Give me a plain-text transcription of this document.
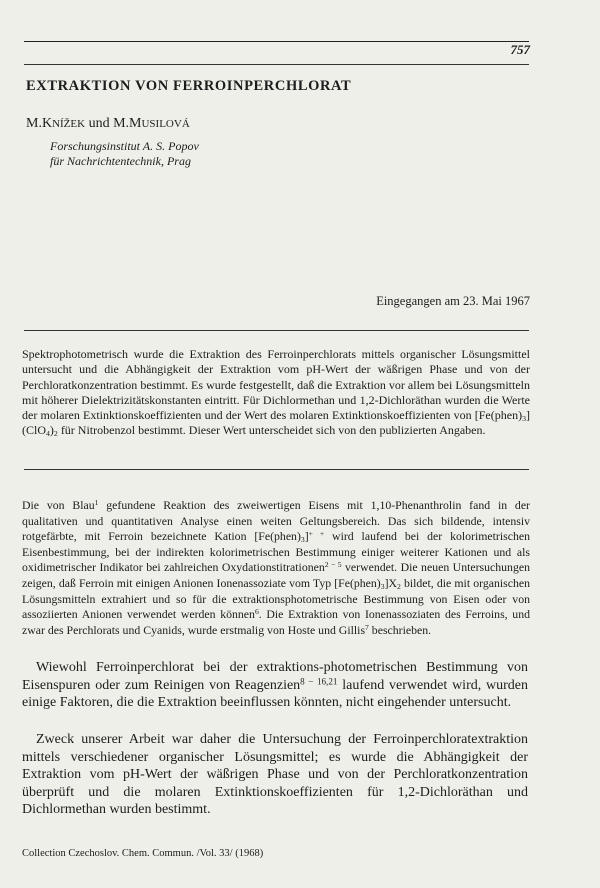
757
EXTRAKTION VON FERROINPERCHLORAT
M.KNÍŽEK und M.MUSILOVÁ
Forschungsinstitut A. S. Popov
für Nachrichtentechnik, Prag
Eingegangen am 23. Mai 1967
Spektrophotometrisch wurde die Extraktion des Ferroinperchlorats mittels organischer Lösungsmittel untersucht und die Abhängigkeit der Extraktion vom pH-Wert der wäßrigen Phase und von der Perchloratkonzentration bestimmt. Es wurde festgestellt, daß die Extraktion vor allem bei Lösungsmitteln mit höherer Dielektrizitätskonstanten eintritt. Für Dichlormethan und 1,2-Dichloräthan wurden die Werte der molaren Extinktionskoeffizienten und der Wert des molaren Extinktionskoeffizienten von $[Fe(phen)_3]$ $(ClO_4)_2$ für Nitrobenzol bestimmt. Dieser Wert unterscheidet sich von den publizierten Angaben.
Die von Blau$^1$ gefundene Reaktion des zweiwertigen Eisens mit 1,10-Phenanthrolin fand in der qualitativen und quantitativen Analyse einen weiten Geltungsbereich. Das sich bildende, intensiv rotgefärbte, mit Ferroin bezeichnete Kation $[Fe(phen)_3]^{+ +}$ wird laufend bei der kolorimetrischen Eisenbestimmung, bei der indirekten kolorimetrischen Bestimmung einiger weiterer Kationen und als oxidimetrischer Indikator bei zahlreichen Oxydationstitrationen$^{2 - 5}$ verwendet. Die neuen Untersuchungen zeigen, daß Ferroin mit einigen Anionen Ionenassoziate vom Typ $[Fe(phen)_3]X_2$ bildet, die mit organischen Lösungsmitteln extrahiert und so für die extraktionsphotometrische Bestimmung von Eisen oder von assoziierten Anionen verwendet werden können$^6$. Die Extraktion von Ionenassoziaten des Ferroins, und zwar des Perchlorats und Cyanids, wurde erstmalig von Hoste und Gillis$^7$ beschrieben.

Wiewohl Ferroinperchlorat bei der extraktions-photometrischen Bestimmung von Eisenspuren oder zum Reinigen von Reagenzien$^{8 - 16,21}$ laufend verwendet wird, wurden einige Faktoren, die die Extraktion beeinflussen könnten, nicht eingehender untersucht.

Zweck unserer Arbeit war daher die Untersuchung der Ferroinperchloratextraktion mittels verschiedener organischer Lösungsmittel; es wurde die Abhängigkeit der Extraktion vom pH-Wert der wäßrigen Phase und von der Perchloratkonzentration überprüft und die molaren Extinktionskoeffizienten für 1,2-Dichloräthan und Dichlormethan wurden bestimmt.

Collection Czechoslov. Chem. Commun. /Vol. 33/ (1968)
